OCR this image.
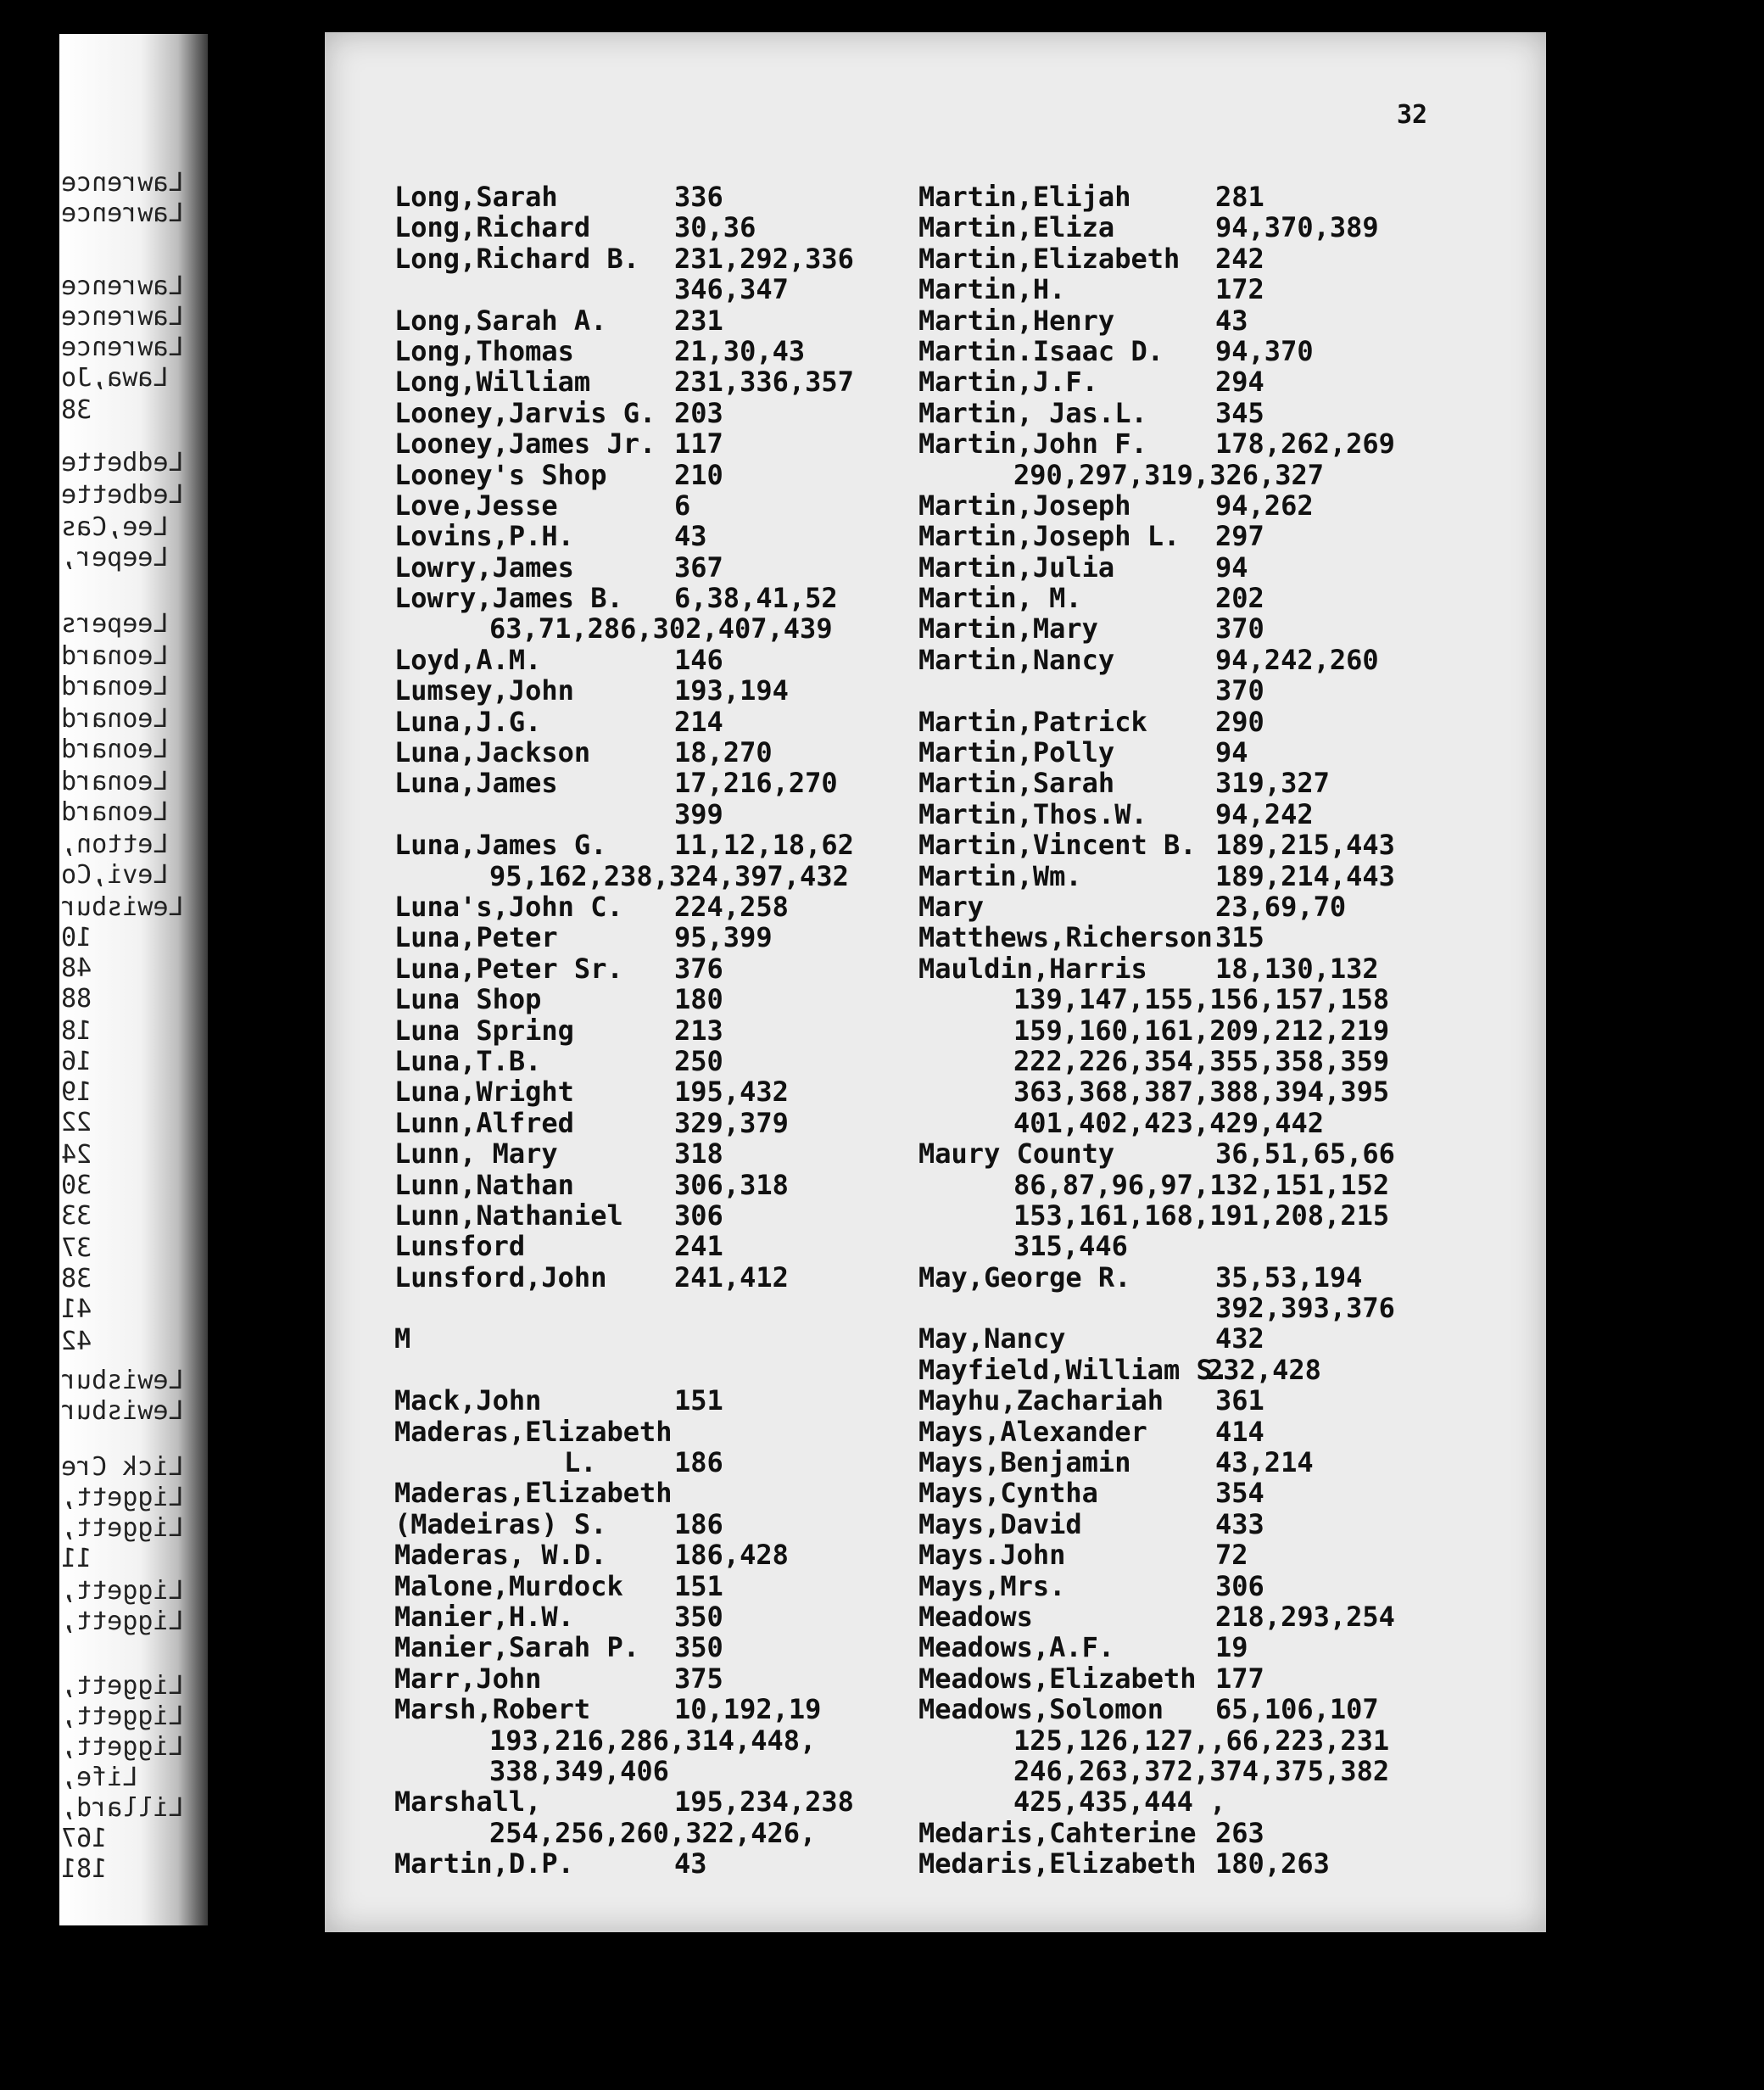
Lawrence
Lawrence
Lawrence
Lawrence
Lawrence
Lawa,Jo
38
Ledbette
Ledbette
Lee,Cas
Leeper,
Leepers
Leonard
Leonard
Leonard
Leonard
Leonard
Leonard
Letton,
Levi,Co
Lewisbur
10
48
88
18
16
19
22
24
30
33
37
38
41
42
Lewisbur
Lewisbur
Lick Cre
Liggett,
Liggett,
11
Liggett,
Liggett,
Liggett,
Liggett,
Liggett,
Life,
Lillard,
167
181
32
Long,Sarah	336
Long,Richard	30,36
Long,Richard B. 231,292,336
346,347
Long,Sarah A. 231
Long,Thomas	21,30,43
Long,William	231,336,357
Looney,Jarvis G. 203
Looney,James Jr. 117
Looney's Shop 210
Love,Jesse	6
Lovins,P.H.	43
Lowry,James	367
Lowry,James B. 6,38,41,52
63,71,286,302,407,439
Loyd,A.M.	146
Lumsey,John	193,194
Luna,J.G.	214
Luna,Jackson	18,270
Luna,James	17,216,270
399
Luna,James G. 11,12,18,62
95,162,238,324,397,432
Luna's,John C. 224,258
Luna,Peter	95,399
Luna,Peter Sr. 376
Luna Shop	180
Luna Spring	213
Luna,T.B.	250
Luna,Wright	195,432
Lunn,Alfred	329,379
Lunn, Mary	318
Lunn,Nathan	306,318
Lunn,Nathaniel 306
Lunsford	241
Lunsford,John 241,412
M
Mack,John	151
Maderas,Elizabeth
L.	186
Maderas,Elizabeth
(Madeiras) S. 186
Maderas, W.D. 186,428
Malone,Murdock 151
Manier,H.W.	350
Manier,Sarah P. 350
Marr,John	375
Marsh,Robert	10,192,19
193,216,286,314,448,
338,349,406
Marshall,	195,234,238
254,256,260,322,426,
Martin,D.P.	43
Martin,Elijah	281
Martin,Eliza	94,370,389
Martin,Elizabeth 242
Martin,H.	172
Martin,Henry	43
Martin.Isaac D. 94,370
Martin,J.F.	294
Martin, Jas.L.	345
Martin,John F.	178,262,269
290,297,319,326,327
Martin,Joseph	94,262
Martin,Joseph L. 297
Martin,Julia	94
Martin, M.	202
Martin,Mary	370
Martin,Nancy	94,242,260
370
Martin,Patrick	290
Martin,Polly	94
Martin,Sarah	319,327
Martin,Thos.W.	94,242
Martin,Vincent B. 189,215,443
Martin,Wm.	189,214,443
Mary	23,69,70
Matthews,Richerson 315
Mauldin,Harris	18,130,132
139,147,155,156,157,158
159,160,161,209,212,219
222,226,354,355,358,359
363,368,387,388,394,395
401,402,423,429,442
Maury County	36,51,65,66
86,87,96,97,132,151,152
153,161,168,191,208,215
315,446
May,George R.	35,53,194
392,393,376
May,Nancy	432
Mayfield,William S.
232,428
Mayhu,Zachariah 361
Mays,Alexander	414
Mays,Benjamin	43,214
Mays,Cyntha	354
Mays,David	433
Mays.John	72
Mays,Mrs.	306
Meadows	218,293,254
Meadows,A.F.	19
Meadows,Elizabeth 177
Meadows,Solomon 65,106,107
125,126,127,,66,223,231
246,263,372,374,375,382
425,435,444 ,
Medaris,Cahterine 263
Medaris,Elizabeth 180,263
